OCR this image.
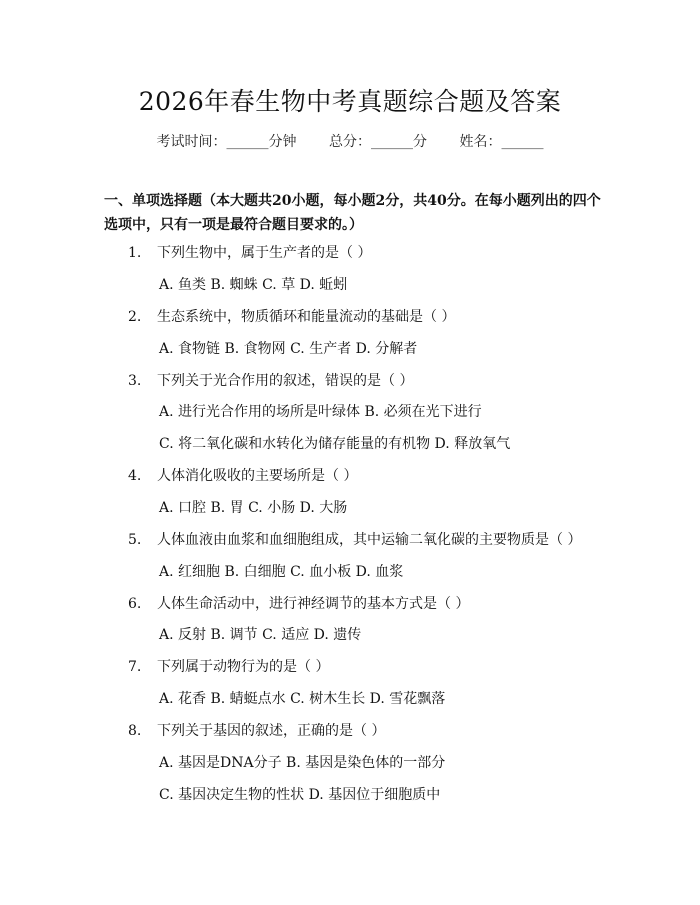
2026年春生物中考真题综合题及答案
考试时间：______分钟 总分：______分 姓名：______
一、单项选择题（本大题共20小题，每小题2分，共40分。在每小题列出的四个选项中，只有一项是最符合题目要求的。）
1. 下列生物中，属于生产者的是（ ）
A. 鱼类 B. 蜘蛛 C. 草 D. 蚯蚓
2. 生态系统中，物质循环和能量流动的基础是（ ）
A. 食物链 B. 食物网 C. 生产者 D. 分解者
3. 下列关于光合作用的叙述，错误的是（ ）
A. 进行光合作用的场所是叶绿体 B. 必须在光下进行
C. 将二氧化碳和水转化为储存能量的有机物 D. 释放氧气
4. 人体消化吸收的主要场所是（ ）
A. 口腔 B. 胃 C. 小肠 D. 大肠
5. 人体血液由血浆和血细胞组成，其中运输二氧化碳的主要物质是（ ）
A. 红细胞 B. 白细胞 C. 血小板 D. 血浆
6. 人体生命活动中，进行神经调节的基本方式是（ ）
A. 反射 B. 调节 C. 适应 D. 遗传
7. 下列属于动物行为的是（ ）
A. 花香 B. 蜻蜓点水 C. 树木生长 D. 雪花飘落
8. 下列关于基因的叙述，正确的是（ ）
A. 基因是DNA分子 B. 基因是染色体的一部分
C. 基因决定生物的性状 D. 基因位于细胞质中
